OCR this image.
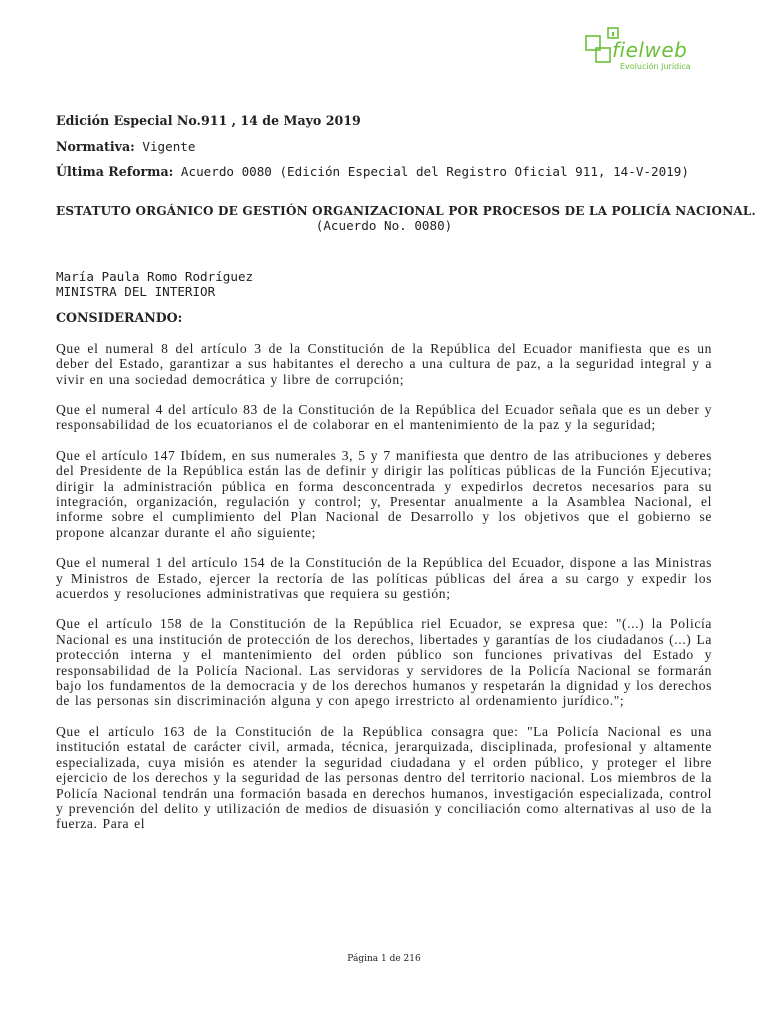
fielweb
Evolución Jurídica
Edición Especial No.911 , 14 de Mayo 2019
Normativa: Vigente
Última Reforma: Acuerdo 0080 (Edición Especial del Registro Oficial 911, 14-V-2019)
ESTATUTO ORGÁNICO DE GESTIÓN ORGANIZACIONAL POR PROCESOS DE LA POLICÍA NACIONAL.
(Acuerdo No. 0080)
María Paula Romo Rodríguez
MINISTRA DEL INTERIOR
CONSIDERANDO:
Que el numeral 8 del artículo 3 de la Constitución de la República del Ecuador manifiesta que es un deber del Estado, garantizar a sus habitantes el derecho a una cultura de paz, a la seguridad integral y a vivir en una sociedad democrática y libre de corrupción;
Que el numeral 4 del artículo 83 de la Constitución de la República del Ecuador señala que es un deber y responsabilidad de los ecuatorianos el de colaborar en el mantenimiento de la paz y la seguridad;
Que el artículo 147 Ibídem, en sus numerales 3, 5 y 7 manifiesta que dentro de las atribuciones y deberes del Presidente de la República están las de definir y dirigir las políticas públicas de la Función Ejecutiva; dirigir la administración pública en forma desconcentrada y expedirlos decretos necesarios para su integración, organización, regulación y control; y, Presentar anualmente a la Asamblea Nacional, el informe sobre el cumplimiento del Plan Nacional de Desarrollo y los objetivos que el gobierno se propone alcanzar durante el año siguiente;
Que el numeral 1 del artículo 154 de la Constitución de la República del Ecuador, dispone a las Ministras y Ministros de Estado, ejercer la rectoría de las políticas públicas del área a su cargo y expedir los acuerdos y resoluciones administrativas que requiera su gestión;
Que el artículo 158 de la Constitución de la República riel Ecuador, se expresa que: "(...) la Policía Nacional es una institución de protección de los derechos, libertades y garantías de los ciudadanos (...) La protección interna y el mantenimiento del orden público son funciones privativas del Estado y responsabilidad de la Policía Nacional. Las servidoras y servidores de la Policía Nacional se formarán bajo los fundamentos de la democracia y de los derechos humanos y respetarán la dignidad y los derechos de las personas sin discriminación alguna y con apego irrestricto al ordenamiento jurídico.";
Que el artículo 163 de la Constitución de la República consagra que: "La Policía Nacional es una institución estatal de carácter civil, armada, técnica, jerarquizada, disciplinada, profesional y altamente especializada, cuya misión es atender la seguridad ciudadana y el orden público, y proteger el libre ejercicio de los derechos y la seguridad de las personas dentro del territorio nacional. Los miembros de la Policía Nacional tendrán una formación basada en derechos humanos, investigación especializada, control y prevención del delito y utilización de medios de disuasión y conciliación como alternativas al uso de la fuerza. Para el
Página 1 de 216
